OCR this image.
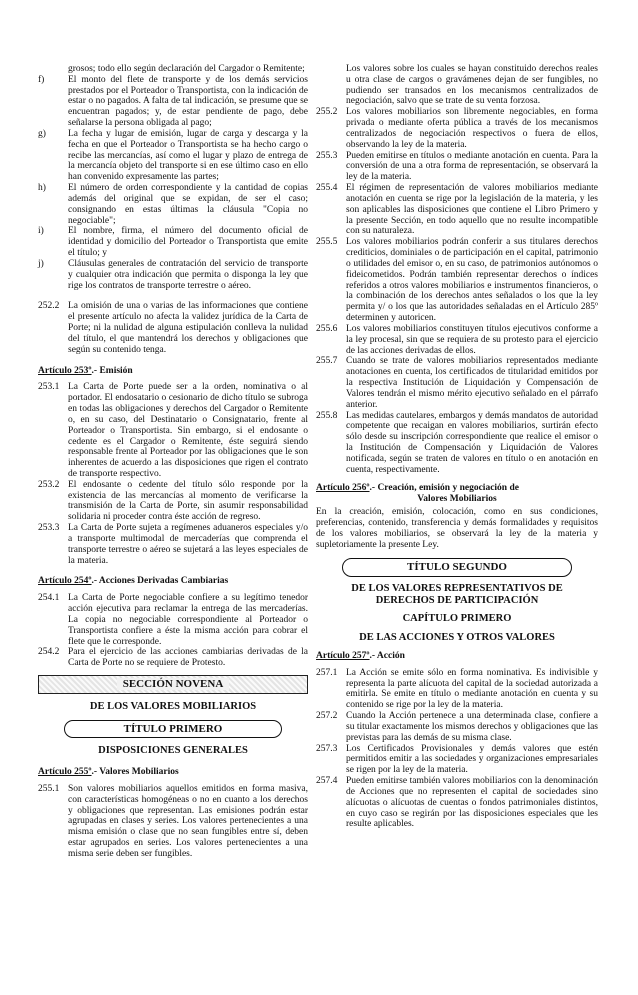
grosos; todo ello según declaración del Cargador o Remitente;

f)	El monto del flete de transporte y de los demás servicios prestados por el Porteador o Transportista, con la indicación de estar o no pagados. A falta de tal indicación, se presume que se encuentran pagados; y, de estar pendiente de pago, debe señalarse la persona obligada al pago;
g)	La fecha y lugar de emisión, lugar de carga y descarga y la fecha en que el Porteador o Transportista se ha hecho cargo o recibe las mercancías, así como el lugar y plazo de entrega de la mercancía objeto del transporte si en ese último caso en ello han convenido expresamente las partes;
h)	El número de orden correspondiente y la cantidad de copias además del original que se expidan, de ser el caso; consignando en estas últimas la cláusula "Copia no negociable";
i)	El nombre, firma, el número del documento oficial de identidad y domicilio del Porteador o Transportista que emite el título; y
j)	Cláusulas generales de contratación del servicio de transporte y cualquier otra indicación que permita o disponga la ley que rige los contratos de transporte terrestre o aéreo.
252.2 La omisión de una o varias de las informaciones que contiene el presente artículo no afecta la validez jurídica de la Carta de Porte; ni la nulidad de alguna estipulación conlleva la nulidad del título, el que mantendrá los derechos y obligaciones que según su contenido tenga.
Artículo 253º.- Emisión
253.1 La Carta de Porte puede ser a la orden, nominativa o al portador. El endosatario o cesionario de dicho título se subroga en todas las obligaciones y derechos del Cargador o Remitente o, en su caso, del Destinatario o Consignatario, frente al Porteador o Transportista. Sin embargo, si el endosante o cedente es el Cargador o Remitente, éste seguirá siendo responsable frente al Porteador por las obligaciones que le son inherentes de acuerdo a las disposiciones que rigen el contrato de transporte respectivo.
253.2 El endosante o cedente del título sólo responde por la existencia de las mercancías al momento de verificarse la transmisión de la Carta de Porte, sin asumir responsabilidad solidaria ni proceder contra éste acción de regreso.
253.3 La Carta de Porte sujeta a regímenes aduaneros especiales y/o a transporte multimodal de mercaderías que comprenda el transporte terrestre o aéreo se sujetará a las leyes especiales de la materia.
Artículo 254º.- Acciones Derivadas Cambiarias
254.1 La Carta de Porte negociable confiere a su legítimo tenedor acción ejecutiva para reclamar la entrega de las mercaderías. La copia no negociable correspondiente al Porteador o Transportista confiere a éste la misma acción para cobrar el flete que le corresponde.
254.2 Para el ejercicio de las acciones cambiarias derivadas de la Carta de Porte no se requiere de Protesto.
SECCIÓN NOVENA
DE LOS VALORES MOBILIARIOS
TÍTULO PRIMERO
DISPOSICIONES GENERALES
Artículo 255º.- Valores Mobiliarios
255.1 Son valores mobiliarios aquellos emitidos en forma masiva, con características homogéneas o no en cuanto a los derechos y obligaciones que representan. Las emisiones podrán estar agrupadas en clases y series. Los valores pertenecientes a una misma emisión o clase que no sean fungibles entre sí, deben estar agrupados en series. Los valores pertenecientes a una misma serie deben ser fungibles.

Los valores sobre los cuales se hayan constituido derechos reales u otra clase de cargos o gravámenes dejan de ser fungibles, no pudiendo ser transados en los mecanismos centralizados de negociación, salvo que se trate de su venta forzosa.

255.2 Los valores mobiliarios son libremente negociables, en forma privada o mediante oferta pública a través de los mecanismos centralizados de negociación respectivos o fuera de ellos, observando la ley de la materia.
255.3 Pueden emitirse en títulos o mediante anotación en cuenta. Para la conversión de una a otra forma de representación, se observará la ley de la materia.
255.4 El régimen de representación de valores mobiliarios mediante anotación en cuenta se rige por la legislación de la materia, y les son aplicables las disposiciones que contiene el Libro Primero y la presente Sección, en todo aquello que no resulte incompatible con su naturaleza.
255.5 Los valores mobiliarios podrán conferir a sus titulares derechos crediticios, dominiales o de participación en el capital, patrimonio o utilidades del emisor o, en su caso, de patrimonios autónomos o fideicometidos. Podrán también representar derechos o índices referidos a otros valores mobiliarios e instrumentos financieros, o la combinación de los derechos antes señalados o los que la ley permita y/ o los que las autoridades señaladas en el Artículo 285º determinen y autoricen.
255.6 Los valores mobiliarios constituyen títulos ejecutivos conforme a la ley procesal, sin que se requiera de su protesto para el ejercicio de las acciones derivadas de ellos.
255.7 Cuando se trate de valores mobiliarios representados mediante anotaciones en cuenta, los certificados de titularidad emitidos por la respectiva Institución de Liquidación y Compensación de Valores tendrán el mismo mérito ejecutivo señalado en el párrafo anterior.
255.8 Las medidas cautelares, embargos y demás mandatos de autoridad competente que recaigan en valores mobiliarios, surtirán efecto sólo desde su inscripción correspondiente que realice el emisor o la Institución de Compensación y Liquidación de Valores notificada, según se traten de valores en título o en anotación en cuenta, respectivamente.
Artículo 256º.- Creación, emisión y negociación de
Valores Mobiliarios

En la creación, emisión, colocación, como en sus condiciones, preferencias, contenido, transferencia y demás formalidades y requisitos de los valores mobiliarios, se observará la ley de la materia y supletoriamente la presente Ley.

TÍTULO SEGUNDO
DE LOS VALORES REPRESENTATIVOS DE
DERECHOS DE PARTICIPACIÓN
CAPÍTULO PRIMERO
DE LAS ACCIONES Y OTROS VALORES
Artículo 257º.- Acción
257.1 La Acción se emite sólo en forma nominativa. Es indivisible y representa la parte alícuota del capital de la sociedad autorizada a emitirla. Se emite en título o mediante anotación en cuenta y su contenido se rige por la ley de la materia.
257.2 Cuando la Acción pertenece a una determinada clase, confiere a su titular exactamente los mismos derechos y obligaciones que las previstas para las demás de su misma clase.
257.3 Los Certificados Provisionales y demás valores que estén permitidos emitir a las sociedades y organizaciones empresariales se rigen por la ley de la materia.
257.4 Pueden emitirse también valores mobiliarios con la denominación de Acciones que no representen el capital de sociedades sino alícuotas o alícuotas de cuentas o fondos patrimoniales distintos, en cuyo caso se regirán por las disposiciones especiales que les resulte aplicables.
